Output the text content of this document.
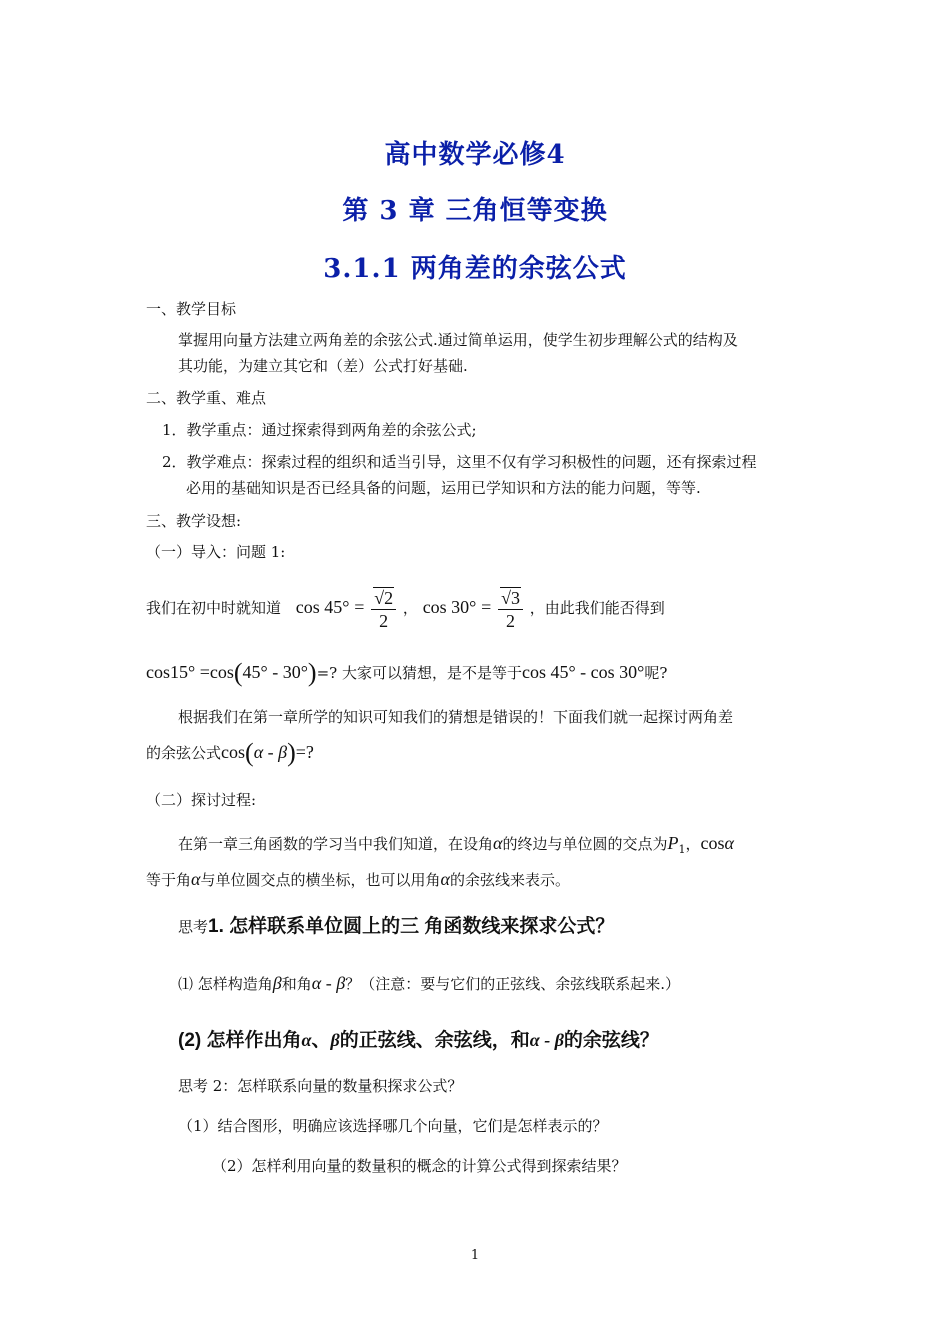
高中数学必修4
第 3 章 三角恒等变换
3.1.1 两角差的余弦公式
一、教学目标
掌握用向量方法建立两角差的余弦公式.通过简单运用，使学生初步理解公式的结构及
其功能，为建立其它和（差）公式打好基础.
二、教学重、难点
1．教学重点：通过探索得到两角差的余弦公式;
2．教学难点：探索过程的组织和适当引导，这里不仅有学习积极性的问题，还有探索过程
必用的基础知识是否已经具备的问题，运用已学知识和方法的能力问题，等等.
三、教学设想:
（一）导入：问题 1:
我们在初中时就知道 $\cos 45^\circ = \frac{√2}{2}$ ， $\cos 30^\circ = \frac{√3}{2}$ ，由此我们能否得到
cos15° =cos(45° - 30°)=? 大家可以猜想，是不是等于cos 45° - cos 30°呢?
根据我们在第一章所学的知识可知我们的猜想是错误的！下面我们就一起探讨两角差
的余弦公式cos(α - β)=?
（二）探讨过程:
在第一章三角函数的学习当中我们知道，在设角α的终边与单位圆的交点为$P_1$，cosα
等于角α与单位圆交点的横坐标，也可以用角α的余弦线来表示。
思考1. 怎样联系单位圆上的三 角函数线来探求公式？
⑴ 怎样构造角β和角α - β？（注意：要与它们的正弦线、余弦线联系起来.）
(2) 怎样作出角α、β的正弦线、余弦线，和α - β的余弦线？
思考 2：怎样联系向量的数量积探求公式？
（1）结合图形，明确应该选择哪几个向量，它们是怎样表示的？
（2）怎样利用向量的数量积的概念的计算公式得到探索结果？
1
